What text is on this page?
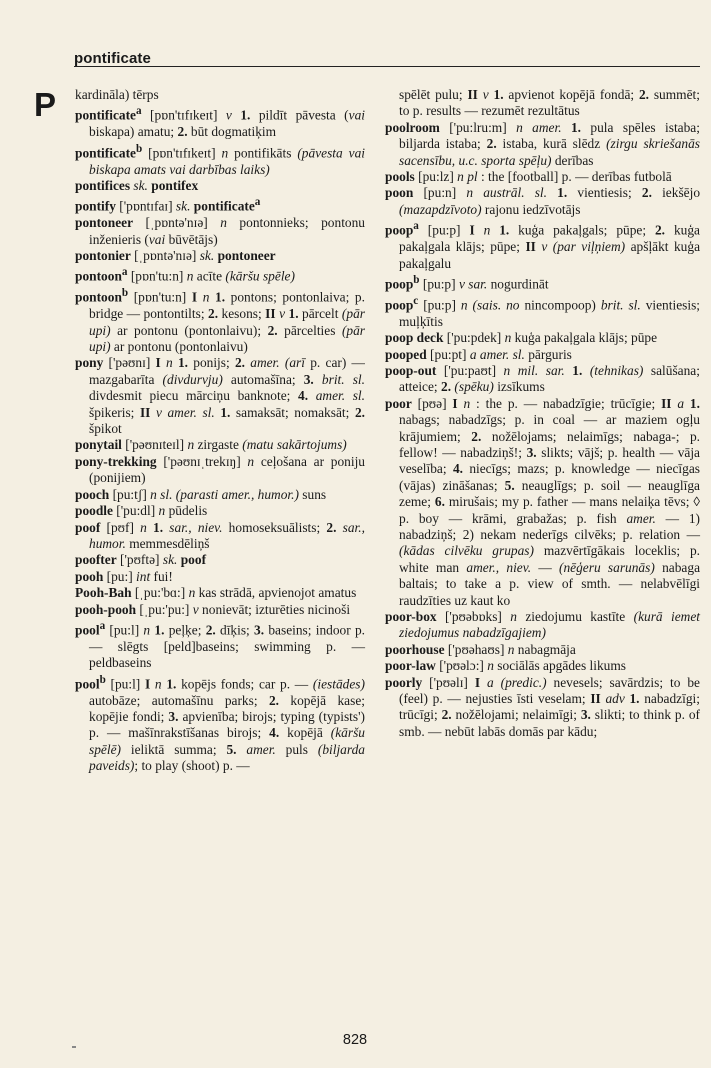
pontificate
P kardināla) tērps

pontificate$^a$ [pɒn'tɪfɪkeɪt] v 1. pildīt pāvesta (vai biskapa) amatu; 2. būt dogmatiķim

pontificate$^b$ [pɒn'tɪfɪkeɪt] n pontifikāts (pāvesta vai biskapa amats vai darbības laiks)

pontifices sk. pontifex

pontify ['pɒntɪfaɪ] sk. pontificate$^a$

pontoneer [ˌpɒntə'nɪə] n pontonnieks; pontonu inženieris (vai būvētājs)

pontonier [ˌpɒntə'nɪə] sk. pontoneer

pontoon$^a$ [pɒn'tu:n] n acīte (kāršu spēle)

pontoon$^b$ [pɒn'tu:n] I n 1. pontons; pontonlaiva; p. bridge — pontontilts; 2. kesons; II v 1. pārcelt (pār upi) ar pontonu (pontonlaivu); 2. pārcelties (pār upi) ar pontonu (pontonlaivu)

pony ['pəʊnɪ] I n 1. ponijs; 2. amer. (arī p. car) — mazgabarīta (divdurvju) automašīna; 3. brit. sl. divdesmit piecu mārciņu banknote; 4. amer. sl. špikeris; II v amer. sl. 1. samaksāt; nomaksāt; 2. špikot

ponytail ['pəʊnɪteɪl] n zirgaste (matu sakārtojums)

pony-trekking ['pəʊnɪˌtrekɪŋ] n ceļošana ar poniju (ponijiem)

pooch [pu:tʃ] n sl. (parasti amer., humor.) suns

poodle ['pu:dl] n pūdelis

poof [pʊf] n 1. sar., niev. homoseksuālists; 2. sar., humor. memmesdēliņš

poofter ['pʊftə] sk. poof

pooh [pu:] int fui!

Pooh-Bah [ˌpu:'bɑ:] n kas strādā, apvienojot amatus

pooh-pooh [ˌpu:'pu:] v nonievāt; izturēties nicinoši

pool$^a$ [pu:l] n 1. peļķe; 2. dīķis; 3. baseins; indoor p. — slēgts [peld]baseins; swimming p. — peldbaseins

pool$^b$ [pu:l] I n 1. kopējs fonds; car p. — (iestādes) autobāze; automašīnu parks; 2. kopējā kase; kopējie fondi; 3. apvienība; birojs; typing (typists') p. — mašīnrakstīšanas birojs; 4. kopējā (kāršu spēlē) ieliktā summa; 5. amer. puls (biljarda paveids); to play (shoot) p. —

spēlēt pulu; II v 1. apvienot kopējā fondā; 2. summēt; to p. results — rezumēt rezultātus

poolroom ['pu:lru:m] n amer. 1. pula spēles istaba; biljarda istaba; 2. istaba, kurā slēdz (zirgu skriešanās sacensību, u.c. sporta spēļu) derības

pools [pu:lz] n pl : the [football] p. — derības futbolā

poon [pu:n] n austrāl. sl. 1. vientiesis; 2. iekšējo (mazapdzīvoto) rajonu iedzīvotājs

poop$^a$ [pu:p] I n 1. kuģa pakaļgals; pūpe; 2. kuģa pakaļgala klājs; pūpe; II v (par viļņiem) apšļākt kuģa pakaļgalu

poop$^b$ [pu:p] v sar. nogurdināt

poop$^c$ [pu:p] n (sais. no nincompoop) brit. sl. vientiesis; muļķītis

poop deck ['pu:pdek] n kuģa pakaļgala klājs; pūpe

pooped [pu:pt] a amer. sl. pārguris

poop-out ['pu:paʊt] n mil. sar. 1. (tehnikas) salūšana; atteice; 2. (spēku) izsīkums

poor [pʊə] I n : the p. — nabadzīgie; trūcīgie; II a 1. nabags; nabadzīgs; p. in coal — ar maziem ogļu krājumiem; 2. nožēlojams; nelaimīgs; nabaga-; p. fellow! — nabadziņš!; 3. slikts; vājš; p. health — vāja veselība; 4. niecīgs; mazs; p. knowledge — niecīgas (vājas) zināšanas; 5. neauglīgs; p. soil — neauglīga zeme; 6. mirušais; my p. father — mans nelaiķa tēvs; ◊ p. boy — krāmi, grabažas; p. fish amer. — 1) nabadziņš; 2) nekam nederīgs cilvēks; p. relation — (kādas cilvēku grupas) mazvērtīgākais loceklis; p. white man amer., niev. — (nēģeru sarunās) nabaga baltais; to take a p. view of smth. — nelabvēlīgi raudzīties uz kaut ko

poor-box ['pʊəbɒks] n ziedojumu kastīte (kurā iemet ziedojumus nabadzīgajiem)

poorhouse ['pʊəhaʊs] n nabagmāja

poor-law ['pʊəlɔ:] n sociālās apgādes likums

poorly ['pʊəlɪ] I a (predic.) nevesels; savārdzis; to be (feel) p. — nejusties īsti veselam; II adv 1. nabadzīgi; trūcīgi; 2. nožēlojami; nelaimīgi; 3. slikti; to think p. of smb. — nebūt labās domās par kādu;

828
